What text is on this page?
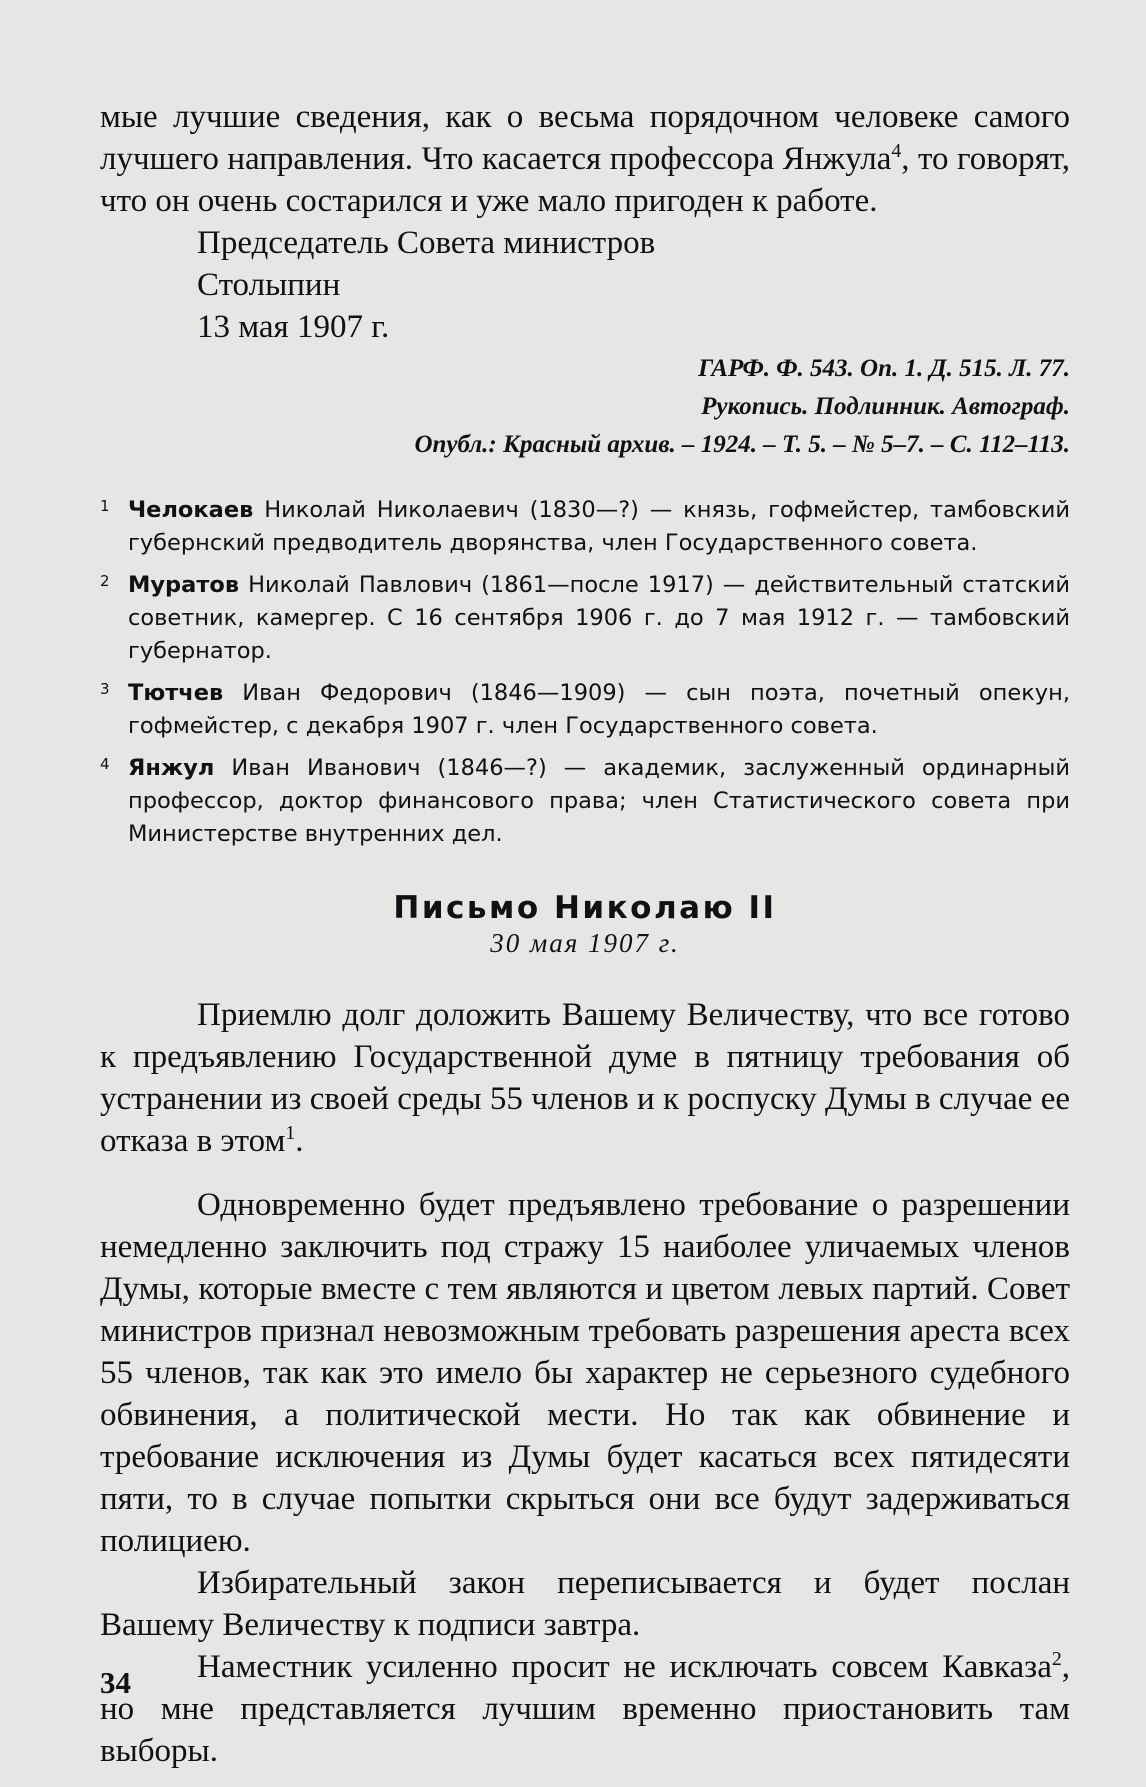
мые лучшие сведения, как о весьма порядочном человеке самого лучшего направления. Что касается профессора Янжула$^4$, то говорят, что он очень состарился и уже мало пригоден к работе.

Председатель Совета министров
Столыпин
13 мая 1907 г.
ГАРФ. Ф. 543. Оп. 1. Д. 515. Л. 77.
Рукопись. Подлинник. Автограф.
Опубл.: Красный архив. – 1924. – Т. 5. – № 5–7. – С. 112–113.
1 Челокаев Николай Николаевич (1830—?) — князь, гофмейстер, тамбовский губернский предводитель дворянства, член Государственного совета.
2 Муратов Николай Павлович (1861—после 1917) — действительный статский советник, камергер. С 16 сентября 1906 г. до 7 мая 1912 г. — тамбовский губернатор.
3 Тютчев Иван Федорович (1846—1909) — сын поэта, почетный опекун, гофмейстер, с декабря 1907 г. член Государственного совета.
4 Янжул Иван Иванович (1846—?) — академик, заслуженный ординарный профессор, доктор финансового права; член Статистического совета при Министерстве внутренних дел.
Письмо Николаю II
30 мая 1907 г.

Приемлю долг доложить Вашему Величеству, что все готово к предъявлению Государственной думе в пятницу требования об устранении из своей среды 55 членов и к роспуску Думы в случае ее отказа в этом$^1$.

Одновременно будет предъявлено требование о разрешении немедленно заключить под стражу 15 наиболее уличаемых членов Думы, которые вместе с тем являются и цветом левых партий. Совет министров признал невозможным требовать разрешения ареста всех 55 членов, так как это имело бы характер не серьезного судебного обвинения, а политической мести. Но так как обвинение и требование исключения из Думы будет касаться всех пятидесяти пяти, то в случае попытки скрыться они все будут задерживаться полициею.

Избирательный закон переписывается и будет послан Вашему Величеству к подписи завтра.

Наместник усиленно просит не исключать совсем Кавказа$^2$, но мне представляется лучшим временно приостановить там выборы.

34
